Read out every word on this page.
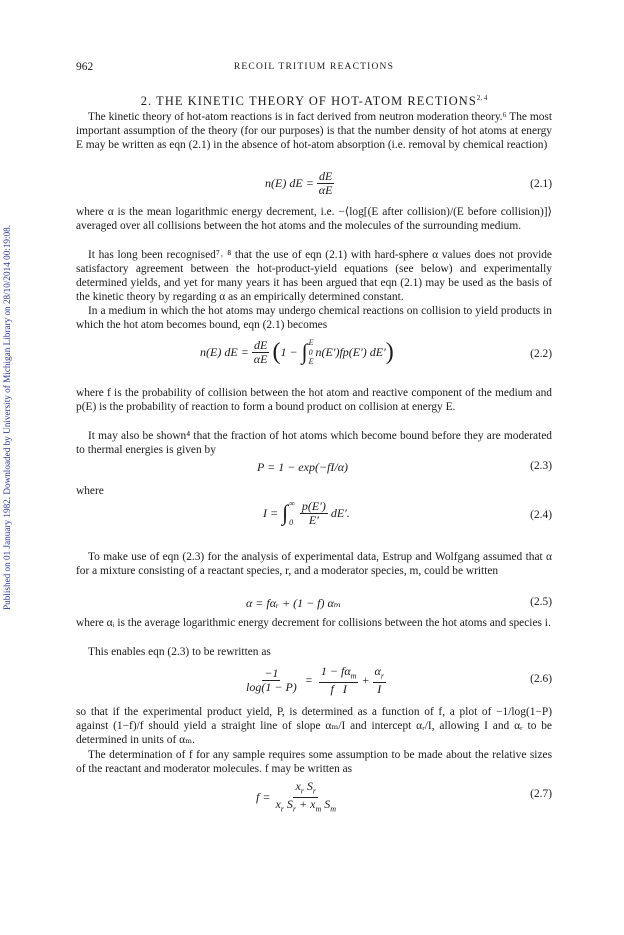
Published on 01 January 1982. Downloaded by University of Michigan Library on 28/10/2014 00:19:08.
962	RECOIL TRITIUM REACTIONS
2. THE KINETIC THEORY OF HOT-ATOM RECTIONS$^{2, 4}$

The kinetic theory of hot-atom reactions is in fact derived from neutron moderation theory.⁶ The most important assumption of the theory (for our purposes) is that the number density of hot atoms at energy E may be written as eqn (2.1) in the absence of hot-atom absorption (i.e. removal by chemical reaction)

n ( E ) d $E = \frac{dE}{\alpha E}$	(2.1)

where α is the mean logarithmic energy decrement, i.e. −⟨log[(E after collision)/(E before collision)]⟩ averaged over all collisions between the hot atoms and the molecules of the surrounding medium.

It has long been recognised⁷˒ ⁸ that the use of eqn (2.1) with hard-sphere α values does not provide satisfactory agreement between the hot-product-yield equations (see below) and experimentally determined yields, and yet for many years it has been argued that eqn (2.1) may be used as the basis of the kinetic theory by regarding α as an empirically determined constant.

In a medium in which the hot atoms may undergo chemical reactions on collision to yield products in which the hot atom becomes bound, eqn (2.1) becomes

n ( E ) d $E = \frac{dE}{\alpha E}$ ( 1 − ∫ E
0
E
n ( E ′) fp ( E ′) d E ′ )	(2.2)

where f is the probability of collision between the hot atom and reactive component of the medium and p(E) is the probability of reaction to form a bound product on collision at energy E.

It may also be shown⁴ that the fraction of hot atoms which become bound before they are moderated to thermal energies is given by

P = 1 − exp(−fI/α)	(2.3)

where

I = ∫ ∞
$0 \frac{p(E')}{E'}$ d E ′.	(2.4)

To make use of eqn (2.3) for the analysis of experimental data, Estrup and Wolfgang assumed that α for a mixture consisting of a reactant species, r, and a moderator species, m, could be written

α = fαᵣ + (1 − f) αₘ	(2.5)

where αᵢ is the average logarithmic energy decrement for collisions between the hot atoms and species i.

This enables eqn (2.3) to be rewritten as

$\frac{-1}{\log(1 - P)} = \frac{1 - f\alpha_m}{\text{f I}} + \frac{\alpha_r}{I}$	(2.6)

so that if the experimental product yield, P, is determined as a function of f, a plot of −1/log(1−P) against (1−f)/f should yield a straight line of slope αₘ/I and intercept αᵣ/I, allowing I and αᵣ to be determined in units of αₘ.

The determination of f for any sample requires some assumption to be made about the relative sizes of the reactant and moderator molecules. f may be written as

$f = \frac{x_r S_r}{x_r S_r + x_m S_m}$	(2.7)
